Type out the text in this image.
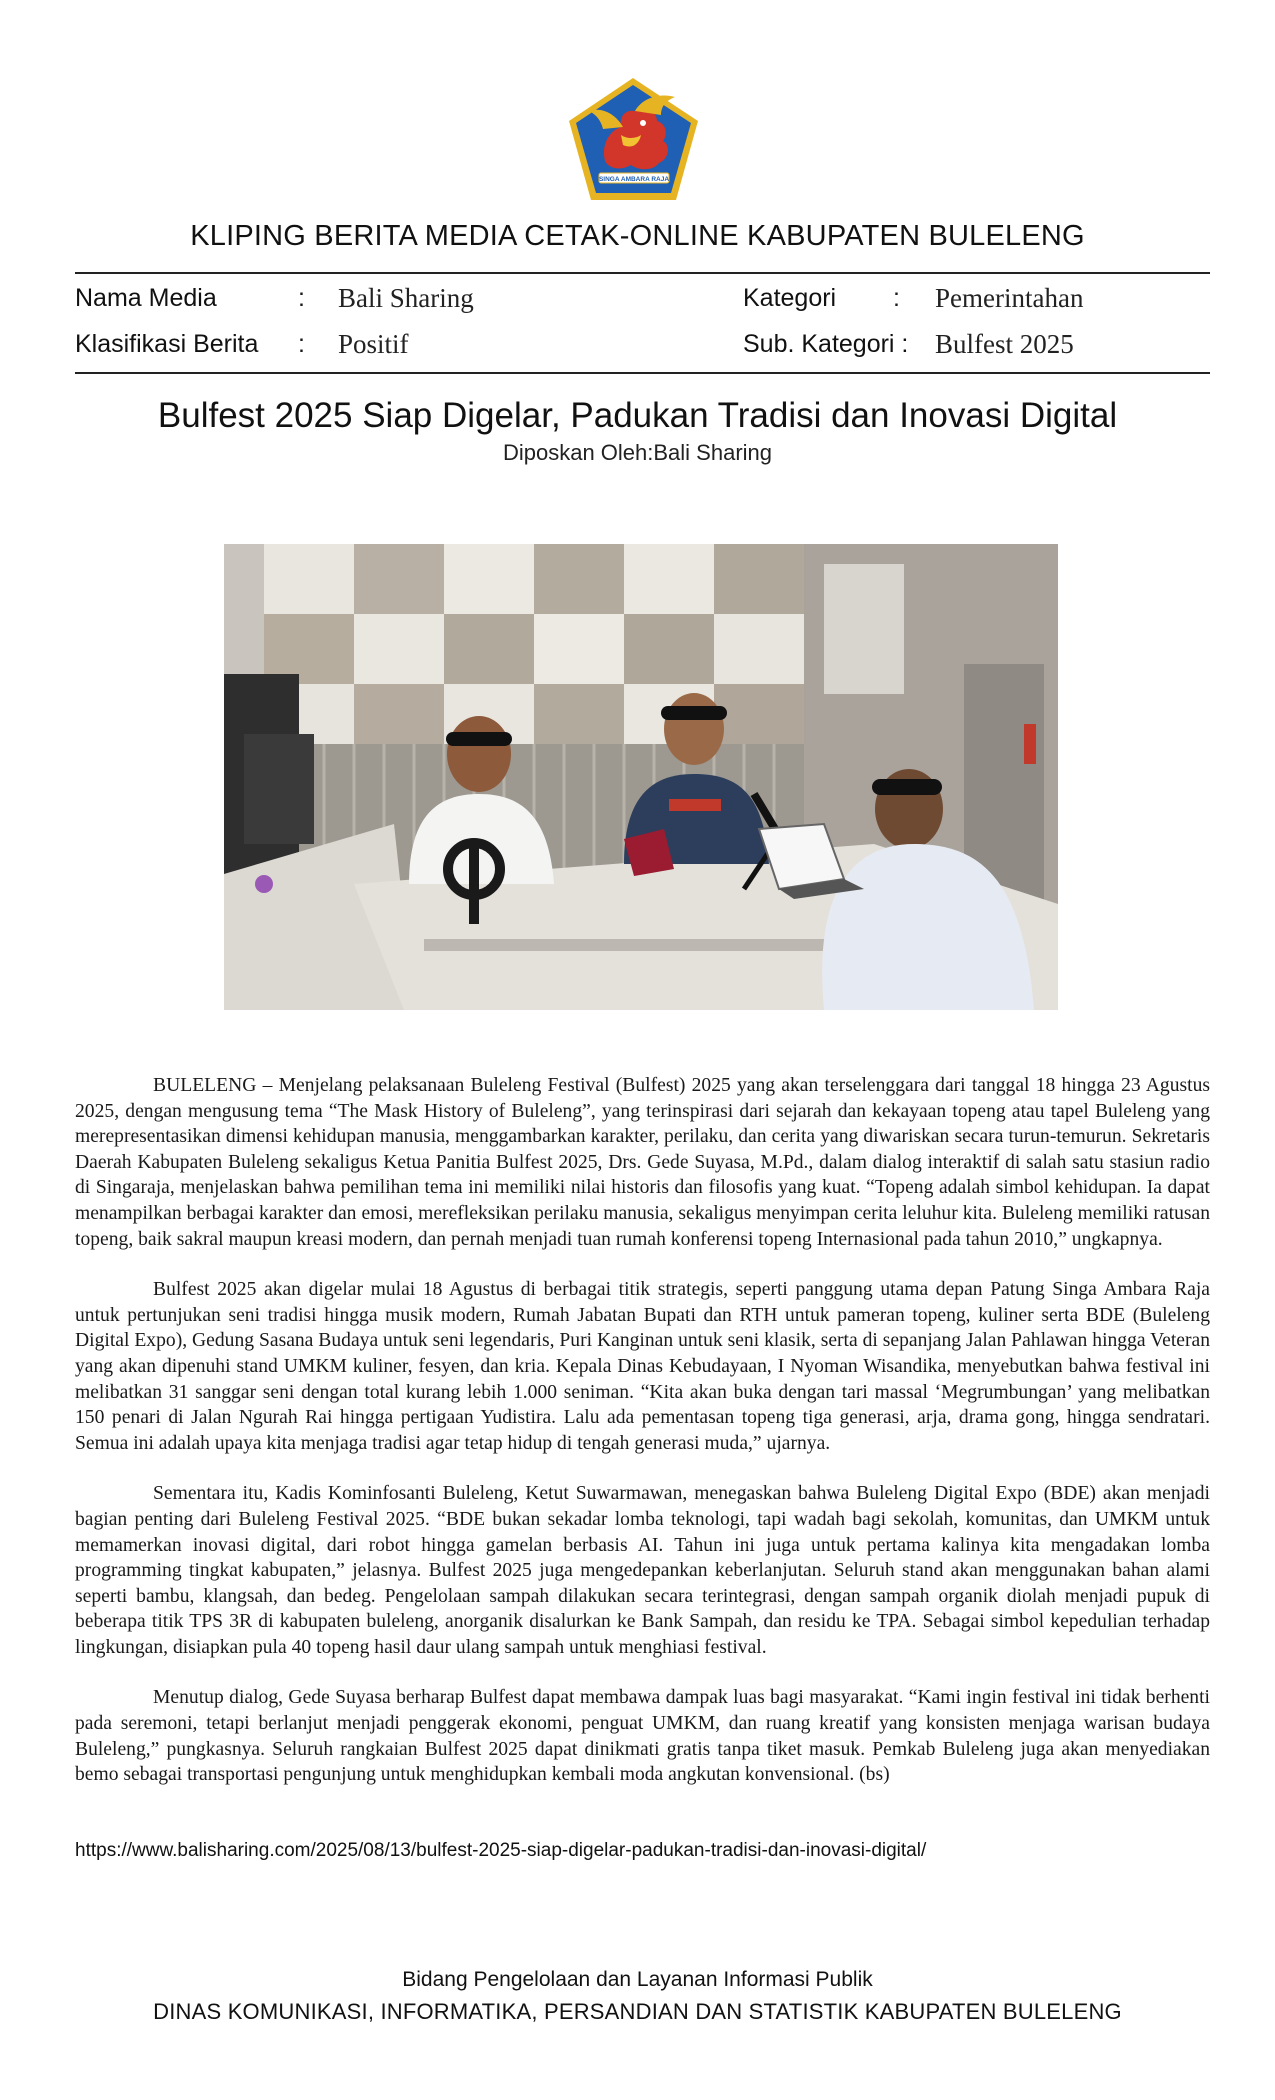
SINGA AMBARA RAJA
KLIPING BERITA MEDIA CETAK-ONLINE KABUPATEN BULELENG
Nama Media	: Bali Sharing	Kategori : Pemerintahan
Klasifikasi Berita : Positif	Sub. Kategori : Bulfest 2025
Bulfest 2025 Siap Digelar, Padukan Tradisi dan Inovasi Digital
Diposkan Oleh:Bali Sharing

BULELENG – Menjelang pelaksanaan Buleleng Festival (Bulfest) 2025 yang akan terselenggara dari tanggal 18 hingga 23 Agustus 2025, dengan mengusung tema “The Mask History of Buleleng”, yang terinspirasi dari sejarah dan kekayaan topeng atau tapel Buleleng yang merepresentasikan dimensi kehidupan manusia, menggambarkan karakter, perilaku, dan cerita yang diwariskan secara turun-temurun. Sekretaris Daerah Kabupaten Buleleng sekaligus Ketua Panitia Bulfest 2025, Drs. Gede Suyasa, M.Pd., dalam dialog interaktif di salah satu stasiun radio di Singaraja, menjelaskan bahwa pemilihan tema ini memiliki nilai historis dan filosofis yang kuat. “Topeng adalah simbol kehidupan. Ia dapat menampilkan berbagai karakter dan emosi, merefleksikan perilaku manusia, sekaligus menyimpan cerita leluhur kita. Buleleng memiliki ratusan topeng, baik sakral maupun kreasi modern, dan pernah menjadi tuan rumah konferensi topeng Internasional pada tahun 2010,” ungkapnya.

Bulfest 2025 akan digelar mulai 18 Agustus di berbagai titik strategis, seperti panggung utama depan Patung Singa Ambara Raja untuk pertunjukan seni tradisi hingga musik modern, Rumah Jabatan Bupati dan RTH untuk pameran topeng, kuliner serta BDE (Buleleng Digital Expo), Gedung Sasana Budaya untuk seni legendaris, Puri Kanginan untuk seni klasik, serta di sepanjang Jalan Pahlawan hingga Veteran yang akan dipenuhi stand UMKM kuliner, fesyen, dan kria. Kepala Dinas Kebudayaan, I Nyoman Wisandika, menyebutkan bahwa festival ini melibatkan 31 sanggar seni dengan total kurang lebih 1.000 seniman. “Kita akan buka dengan tari massal ‘Megrumbungan’ yang melibatkan 150 penari di Jalan Ngurah Rai hingga pertigaan Yudistira. Lalu ada pementasan topeng tiga generasi, arja, drama gong, hingga sendratari. Semua ini adalah upaya kita menjaga tradisi agar tetap hidup di tengah generasi muda,” ujarnya.

Sementara itu, Kadis Kominfosanti Buleleng, Ketut Suwarmawan, menegaskan bahwa Buleleng Digital Expo (BDE) akan menjadi bagian penting dari Buleleng Festival 2025. “BDE bukan sekadar lomba teknologi, tapi wadah bagi sekolah, komunitas, dan UMKM untuk memamerkan inovasi digital, dari robot hingga gamelan berbasis AI. Tahun ini juga untuk pertama kalinya kita mengadakan lomba programming tingkat kabupaten,” jelasnya. Bulfest 2025 juga mengedepankan keberlanjutan. Seluruh stand akan menggunakan bahan alami seperti bambu, klangsah, dan bedeg. Pengelolaan sampah dilakukan secara terintegrasi, dengan sampah organik diolah menjadi pupuk di beberapa titik TPS 3R di kabupaten buleleng, anorganik disalurkan ke Bank Sampah, dan residu ke TPA. Sebagai simbol kepedulian terhadap lingkungan, disiapkan pula 40 topeng hasil daur ulang sampah untuk menghiasi festival.

Menutup dialog, Gede Suyasa berharap Bulfest dapat membawa dampak luas bagi masyarakat. “Kami ingin festival ini tidak berhenti pada seremoni, tetapi berlanjut menjadi penggerak ekonomi, penguat UMKM, dan ruang kreatif yang konsisten menjaga warisan budaya Buleleng,” pungkasnya. Seluruh rangkaian Bulfest 2025 dapat dinikmati gratis tanpa tiket masuk. Pemkab Buleleng juga akan menyediakan bemo sebagai transportasi pengunjung untuk menghidupkan kembali moda angkutan konvensional. (bs)

https://www.balisharing.com/2025/08/13/bulfest-2025-siap-digelar-padukan-tradisi-dan-inovasi-digital/
Bidang Pengelolaan dan Layanan Informasi Publik
DINAS KOMUNIKASI, INFORMATIKA, PERSANDIAN DAN STATISTIK KABUPATEN BULELENG
